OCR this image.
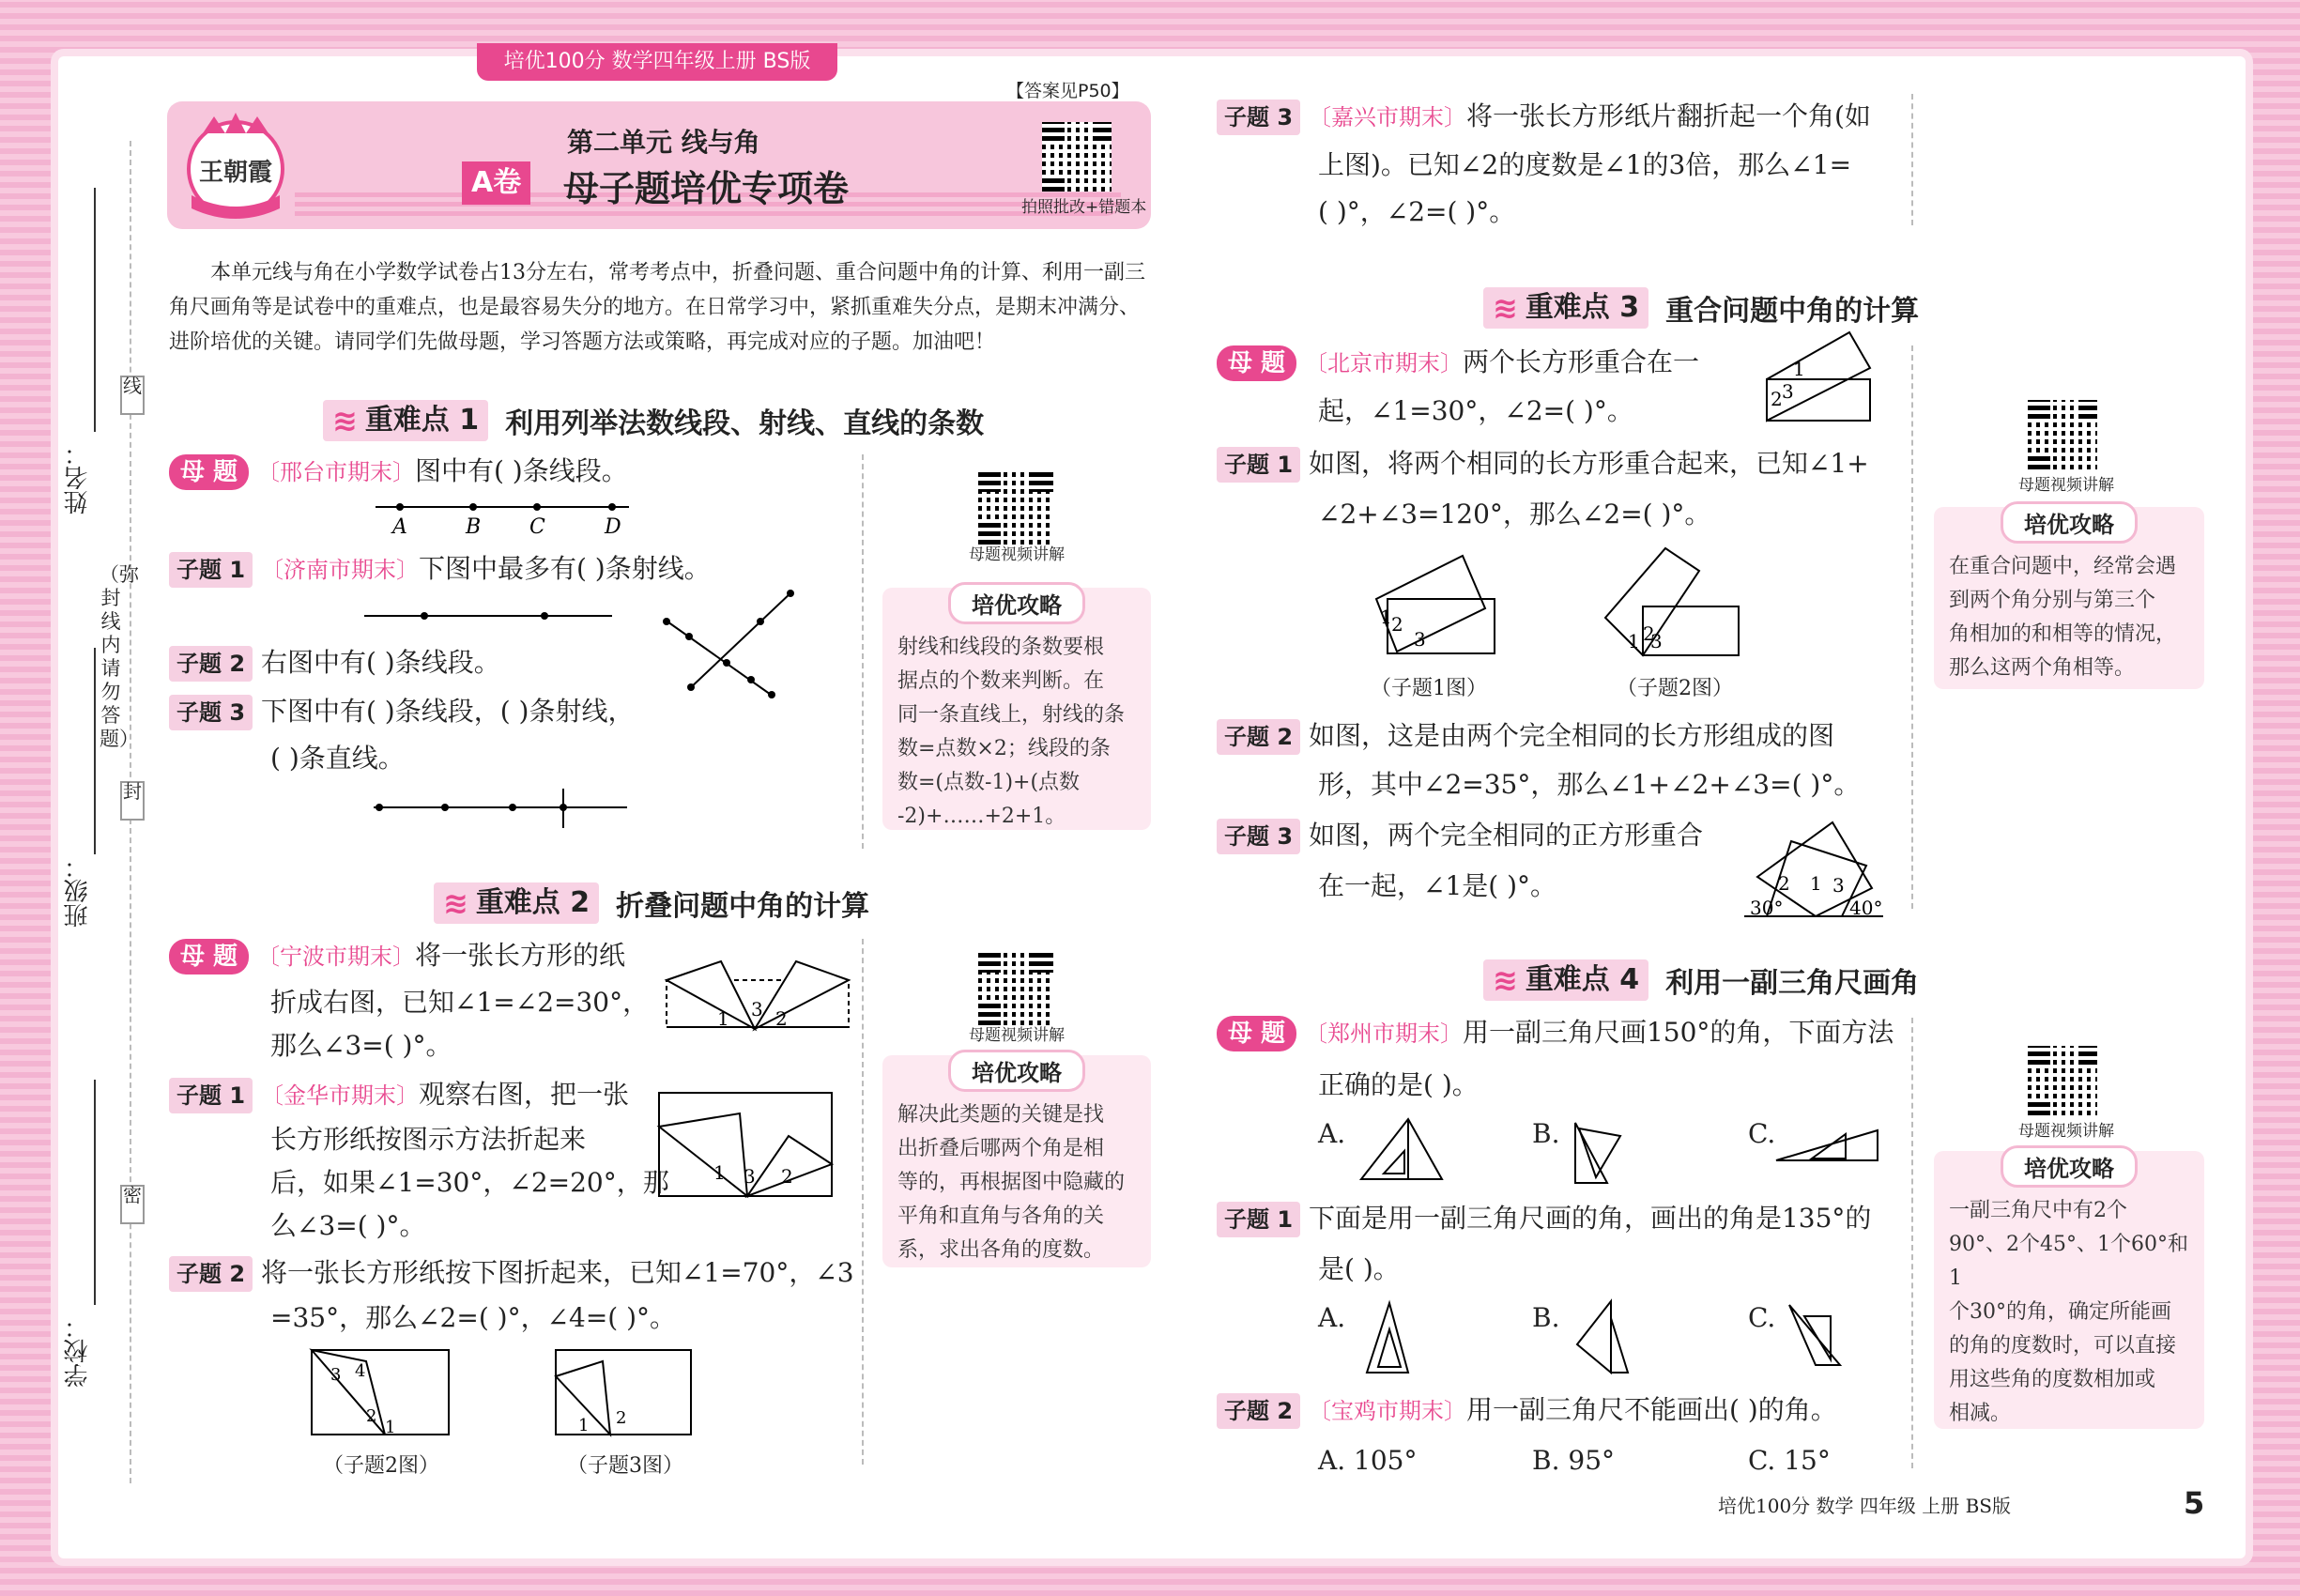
培优100分 数学四年级上册 BS版
姓名：
班级：
学校：
线
（弥封线内请勿答题）
封
密
王朝霞
第二单元 线与角
A卷 母子题培优专项卷
【答案见P50】
拍照批改+错题本
本单元线与角在小学数学试卷占13分左右，常考考点中，折叠问题、重合问题中角的计算、利用一副三
角尺画角等是试卷中的重难点，也是最容易失分的地方。在日常学习中，紧抓重难失分点，是期末冲满分、
进阶培优的关键。请同学们先做母题，学习答题方法或策略，再完成对应的子题。加油吧！
≋ 重难点 1 利用列举法数线段、射线、直线的条数
母 题 〔邢台市期末〕图中有( )条线段。
A	B C	D
子题 1 〔济南市期末〕下图中最多有( )条射线。
子题 2 右图中有( )条线段。
子题 3 下图中有( )条线段，( )条射线，
( )条直线。
母题视频讲解
培优攻略
射线和线段的条数要根
据点的个数来判断。在
同一条直线上，射线的条
数=点数×2；线段的条
数=(点数-1)+(点数
-2)+……+2+1。
≋ 重难点 2 折叠问题中角的计算
母 题 〔宁波市期末〕将一张长方形的纸
折成右图，已知∠1=∠2=30°，
那么∠3=( )°。
1 3 2
子题 1 〔金华市期末〕观察右图，把一张
长方形纸按图示方法折起来
后，如果∠1=30°，∠2=20°，那
么∠3=( )°。
1 3 2
子题 2 将一张长方形纸按下图折起来，已知∠1=70°，∠3
=35°，那么∠2=( )°，∠4=( )°。
3 4
2
1
（子题2图）
1 2
（子题3图）
母题视频讲解
培优攻略
解决此类题的关键是找
出折叠后哪两个角是相
等的，再根据图中隐藏的
平角和直角与各角的关
系，求出各角的度数。
子题 3 〔嘉兴市期末〕将一张长方形纸片翻折起一个角(如
上图)。已知∠2的度数是∠1的3倍，那么∠1=
( )°，∠2=( )°。
≋ 重难点 3 重合问题中角的计算
母 题 〔北京市期末〕两个长方形重合在一
起，∠1=30°，∠2=( )°。
1
2 3
子题 1 如图，将两个相同的长方形重合起来，已知∠1+
∠2+∠3=120°，那么∠2=( )°。
1 2
3
（子题1图）
1 2
3
（子题2图）
子题 2 如图，这是由两个完全相同的长方形组成的图
形，其中∠2=35°，那么∠1+∠2+∠3=( )°。
子题 3 如图，两个完全相同的正方形重合
在一起，∠1是( )°。
30°
2 1 3
40°
母题视频讲解
培优攻略
在重合问题中，经常会遇
到两个角分别与第三个
角相加的和相等的情况，
那么这两个角相等。
≋ 重难点 4 利用一副三角尺画角
母 题 〔郑州市期末〕用一副三角尺画150°的角，下面方法
正确的是( )。
A.	B.	C.
子题 1 下面是用一副三角尺画的角，画出的角是135°的
是( )。
A.	B.	C.
子题 2 〔宝鸡市期末〕用一副三角尺不能画出( )的角。
A. 105°	B. 95°	C. 15°
母题视频讲解
培优攻略
一副三角尺中有2个
90°、2个45°、1个60°和1
个30°的角，确定所能画
的角的度数时，可以直接
用这些角的度数相加或
相减。
培优100分 数学 四年级 上册 BS版	5
